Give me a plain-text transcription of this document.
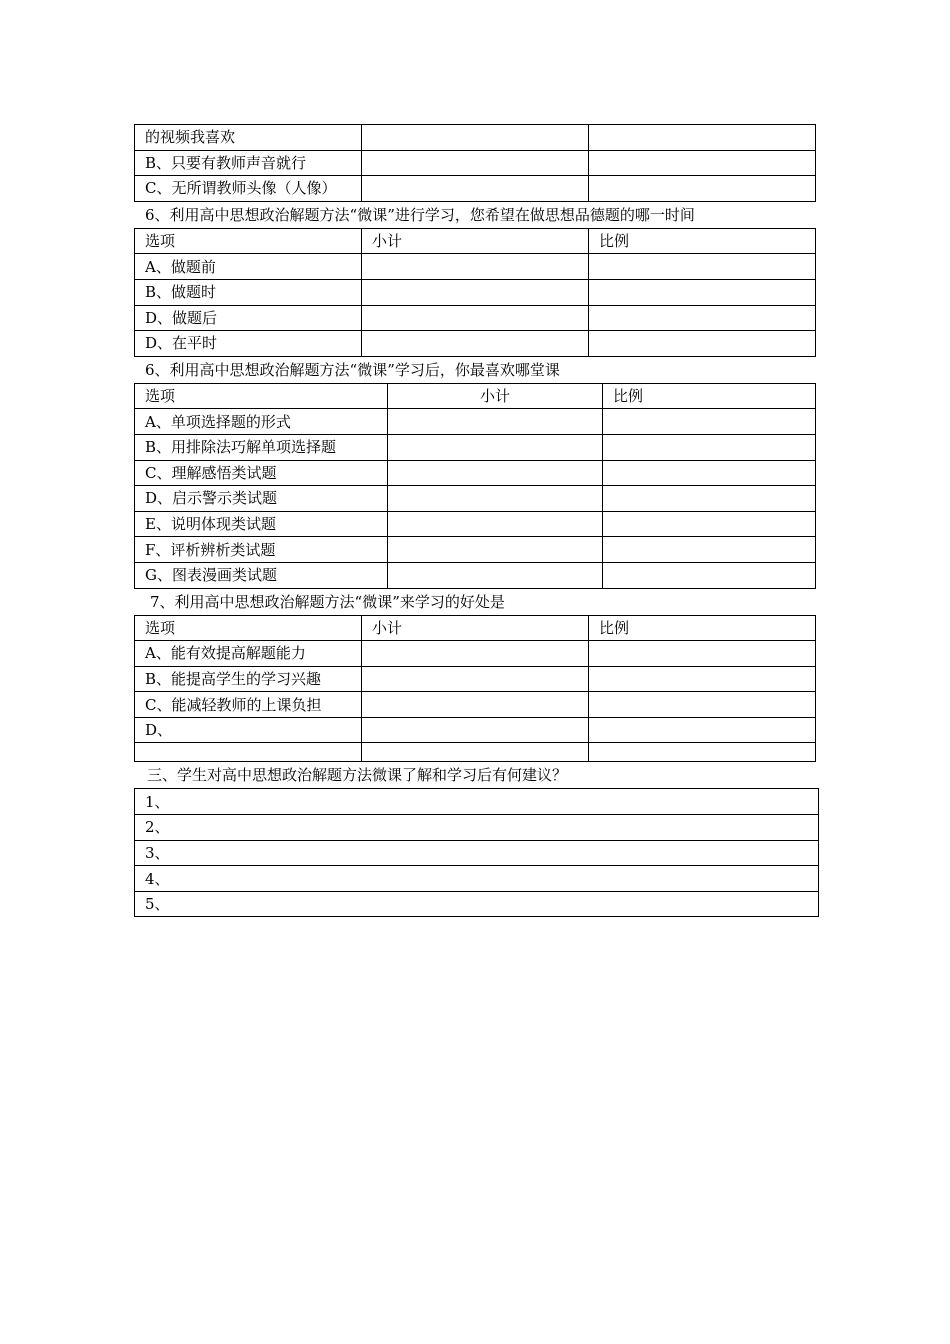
的视频我喜欢		
B、只要有教师声音就行		
C、无所谓教师头像（人像）		
6、利用高中思想政治解题方法“微课”进行学习，您希望在做思想品德题的哪一时间
选项	小计	比例
A、做题前		
B、做题时		
D、做题后		
D、在平时		
6、利用高中思想政治解题方法“微课”学习后，你最喜欢哪堂课
选项	小计	比例
A、单项选择题的形式		
B、用排除法巧解单项选择题		
C、理解感悟类试题		
D、启示警示类试题		
E、说明体现类试题		
F、评析辨析类试题		
G、图表漫画类试题		
7、利用高中思想政治解题方法“微课”来学习的好处是
选项	小计	比例
A、能有效提高解题能力		
B、能提高学生的学习兴趣		
C、能减轻教师的上课负担		
D、		

三、学生对高中思想政治解题方法微课了解和学习后有何建议？
1、
2、
3、
4、
5、
